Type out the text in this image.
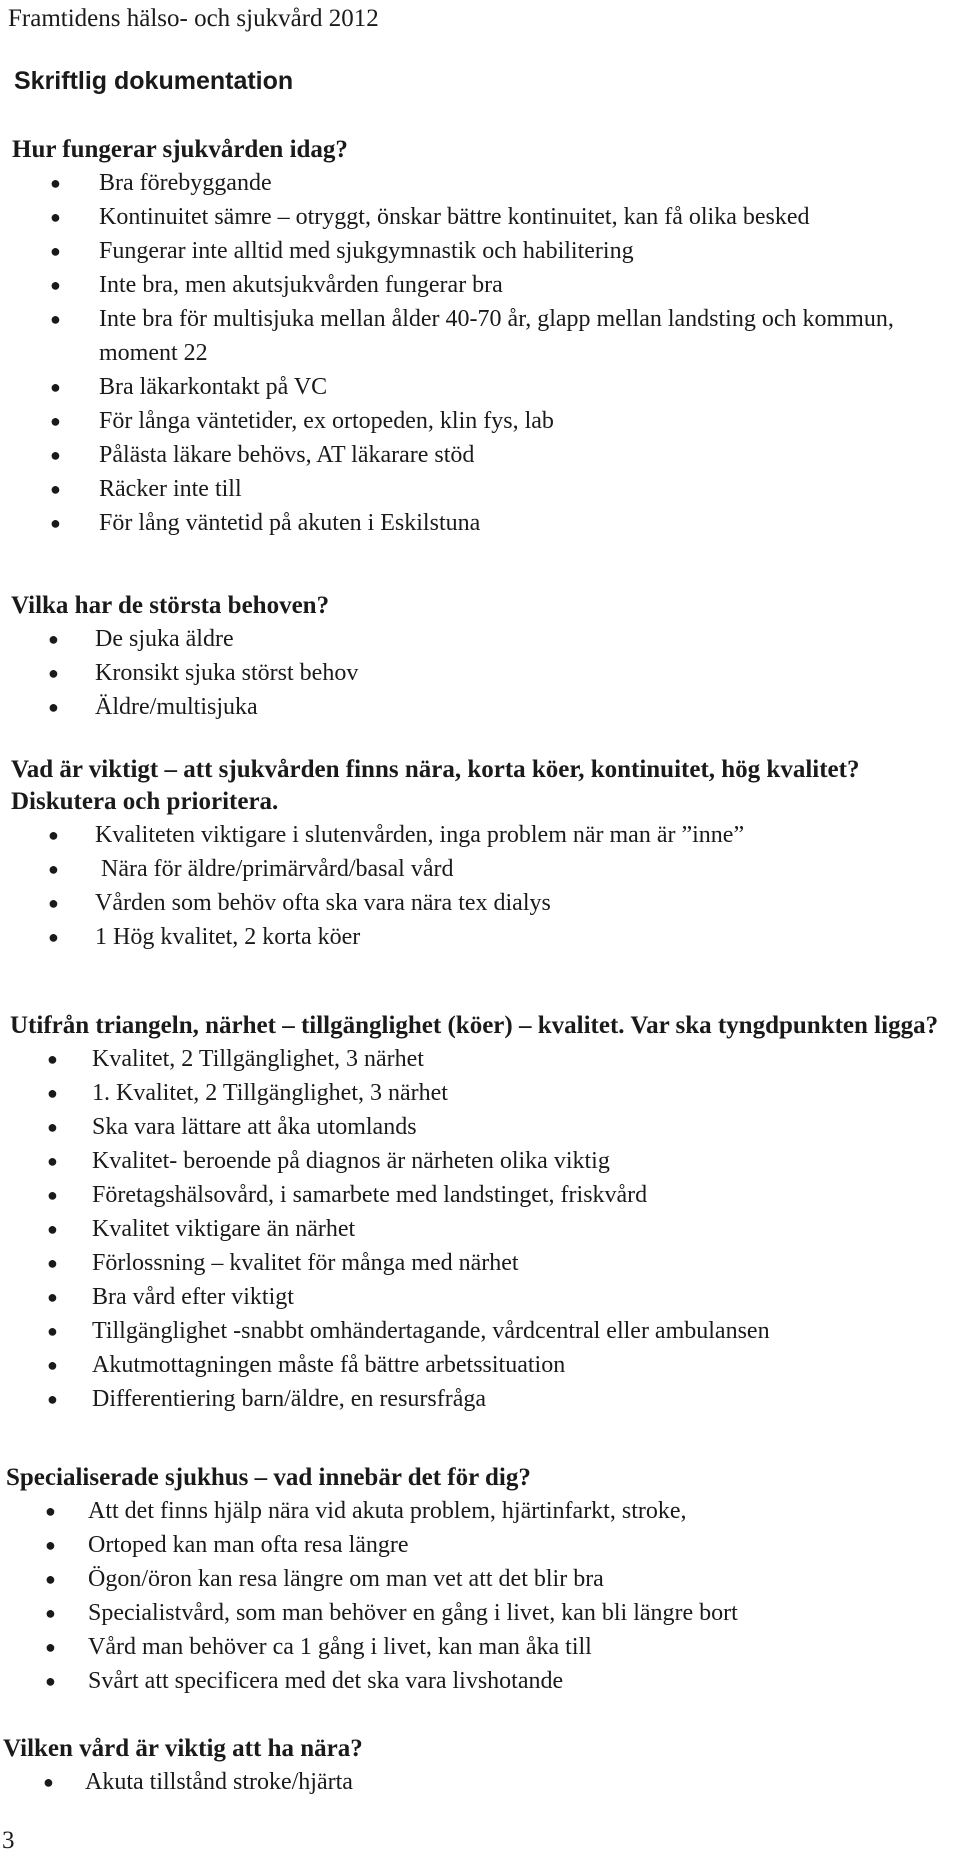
Framtidens hälso- och sjukvård 2012
Skriftlig dokumentation

Hur fungerar sjukvården idag?

● Bra förebyggande
● Kontinuitet sämre – otryggt, önskar bättre kontinuitet, kan få olika besked
● Fungerar inte alltid med sjukgymnastik och habilitering
● Inte bra, men akutsjukvården fungerar bra
● Inte bra för multisjuka mellan ålder 40-70 år, glapp mellan landsting och kommun, moment 22
● Bra läkarkontakt på VC
● För långa väntetider, ex ortopeden, klin fys, lab
● Pålästa läkare behövs, AT läkarare stöd
● Räcker inte till
● För lång väntetid på akuten i Eskilstuna

Vilka har de största behoven?

● De sjuka äldre
● Kronsikt sjuka störst behov
● Äldre/multisjuka

Vad är viktigt – att sjukvården finns nära, korta köer, kontinuitet, hög kvalitet? Diskutera och prioritera.

● Kvaliteten viktigare i slutenvården, inga problem när man är ”inne”
● Nära för äldre/primärvård/basal vård
● Vården som behöv ofta ska vara nära tex dialys
● 1 Hög kvalitet, 2 korta köer

Utifrån triangeln, närhet – tillgänglighet (köer) – kvalitet. Var ska tyngdpunkten ligga?

● Kvalitet, 2 Tillgänglighet, 3 närhet
● 1. Kvalitet, 2 Tillgänglighet, 3 närhet
● Ska vara lättare att åka utomlands
● Kvalitet- beroende på diagnos är närheten olika viktig
● Företagshälsovård, i samarbete med landstinget, friskvård
● Kvalitet viktigare än närhet
● Förlossning – kvalitet för många med närhet
● Bra vård efter viktigt
● Tillgänglighet -snabbt omhändertagande, vårdcentral eller ambulansen
● Akutmottagningen måste få bättre arbetssituation
● Differentiering barn/äldre, en resursfråga

Specialiserade sjukhus – vad innebär det för dig?

● Att det finns hjälp nära vid akuta problem, hjärtinfarkt, stroke,
● Ortoped kan man ofta resa längre
● Ögon/öron kan resa längre om man vet att det blir bra
● Specialistvård, som man behöver en gång i livet, kan bli längre bort
● Vård man behöver ca 1 gång i livet, kan man åka till
● Svårt att specificera med det ska vara livshotande

Vilken vård är viktig att ha nära?

● Akuta tillstånd stroke/hjärta
3
